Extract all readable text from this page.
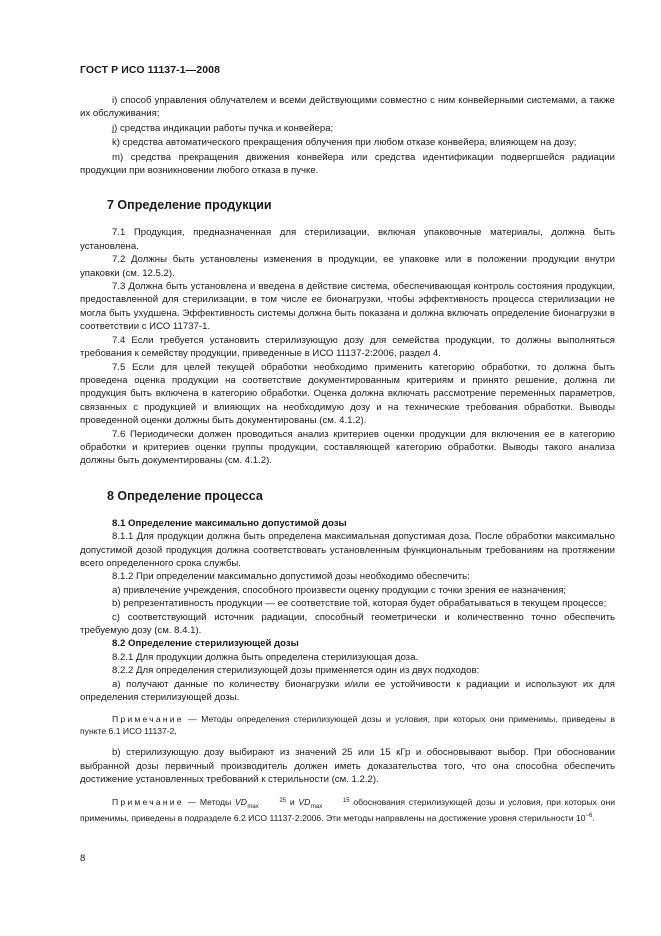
ГОСТ Р ИСО 11137-1—2008

i) способ управления облучателем и всеми действующими совместно с ним конвейерными системами, а также их обслуживания;

j) средства индикации работы пучка и конвейера;

k) средства автоматического прекращения облучения при любом отказе конвейера, влияющем на дозу;

m) средства прекращения движения конвейера или средства идентификации подвергшейся радиации продукции при возникновении любого отказа в пучке.

7 Определение продукции

7.1 Продукция, предназначенная для стерилизации, включая упаковочные материалы, должна быть установлена.

7.2 Должны быть установлены изменения в продукции, ее упаковке или в положении продукции внутри упаковки (см. 12.5.2).

7.3 Должна быть установлена и введена в действие система, обеспечивающая контроль состояния продукции, предоставленной для стерилизации, в том числе ее бионагрузки, чтобы эффективность процесса стерилизации не могла быть ухудшена. Эффективность системы должна быть показана и должна включать определение бионагрузки в соответствии с ИСО 11737-1.

7.4 Если требуется установить стерилизующую дозу для семейства продукции, то должны выполняться требования к семейству продукции, приведенные в ИСО 11137-2:2006, раздел 4.

7.5 Если для целей текущей обработки необходимо применить категорию обработки, то должна быть проведена оценка продукции на соответствие документированным критериям и принято решение, должна ли продукция быть включена в категорию обработки. Оценка должна включать рассмотрение переменных параметров, связанных с продукцией и влияющих на необходимую дозу и на технические требования обработки. Выводы проведенной оценки должны быть документированы (см. 4.1.2).

7.6 Периодически должен проводиться анализ критериев оценки продукции для включения ее в категорию обработки и критериев оценки группы продукции, составляющей категорию обработки. Выводы такого анализа должны быть документированы (см. 4.1.2).

8 Определение процесса
8.1 Определение максимально допустимой дозы

8.1.1 Для продукции должна быть определена максимальная допустимая доза. После обработки максимально допустимой дозой продукция должна соответствовать установленным функциональным требованиям на протяжении всего определенного срока службы.

8.1.2 При определении максимально допустимой дозы необходимо обеспечить:

a) привлечение учреждения, способного произвести оценку продукции с точки зрения ее назначения;

b) репрезентативность продукции — ее соответствие той, которая будет обрабатываться в текущем процессе;

c) соответствующий источник радиации, способный геометрически и количественно точно обеспечить требуемую дозу (см. 8.4.1).

8.2 Определение стерилизующей дозы

8.2.1 Для продукции должна быть определена стерилизующая доза.

8.2.2 Для определения стерилизующей дозы применяется один из двух подходов:

a) получают данные по количеству бионагрузки и/или ее устойчивости к радиации и используют их для определения стерилизующей дозы.

Примечание — Методы определения стерилизующей дозы и условия, при которых они применимы, приведены в пункте 6.1 ИСО 11137-2,

b) стерилизующую дозу выбирают из значений 25 или 15 кГр и обосновывают выбор. При обосновании выбранной дозы первичный производитель должен иметь доказательства того, что она способна обеспечить достижение установленных требований к стерильности (см. 1.2.2).

Примечание — Методы VD	25
max	и VD	15
max	обоснования стерилизующей дозы и условия, при которых они применимы, приведены в подразделе 6.2 ИСО 11137-2:2006. Эти методы направлены на достижение уровня стерильности $10^{-6}$.
8
